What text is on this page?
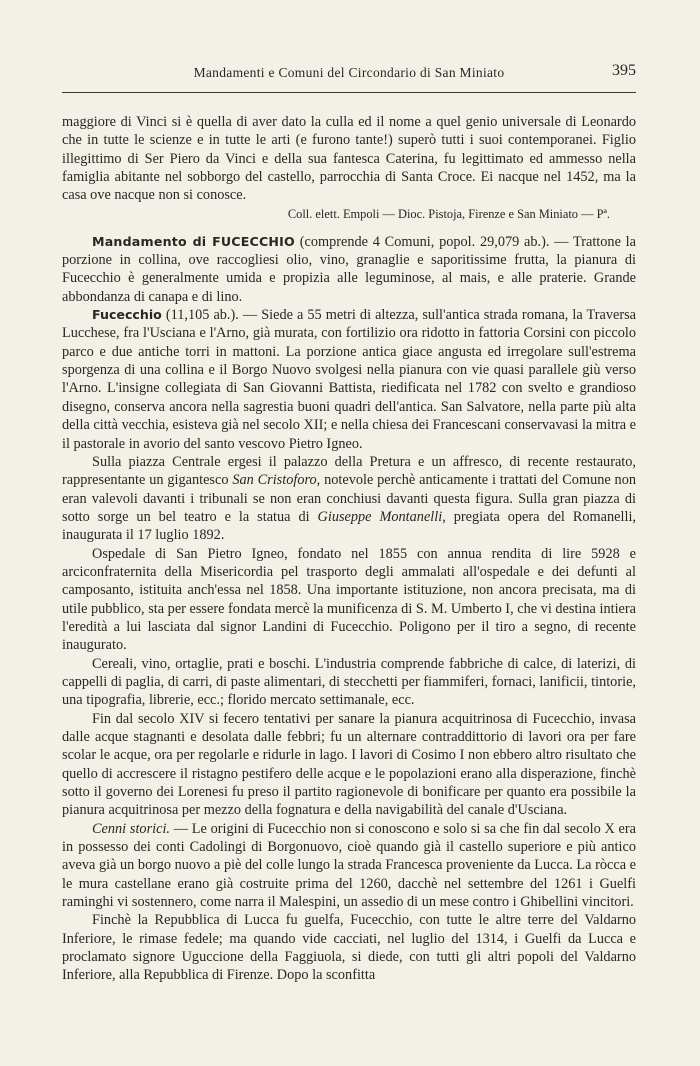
Mandamenti e Comuni del Circondario di San Miniato	395

maggiore di Vinci si è quella di aver dato la culla ed il nome a quel genio universale di Leonardo che in tutte le scienze e in tutte le arti (e furono tante!) superò tutti i suoi contemporanei. Figlio illegittimo di Ser Piero da Vinci e della sua fantesca Caterina, fu legittimato ed ammesso nella famiglia abitante nel sobborgo del castello, parrocchia di Santa Croce. Ei nacque nel 1452, ma la casa ove nacque non si conosce.

Coll. elett. Empoli — Dioc. Pistoja, Firenze e San Miniato — Pª.

Mandamento di FUCECCHIO (comprende 4 Comuni, popol. 29,079 ab.). — Trattone la porzione in collina, ove raccogliesi olio, vino, granaglie e saporitissime frutta, la pianura di Fucecchio è generalmente umida e propizia alle leguminose, al mais, e alle praterie. Grande abbondanza di canapa e di lino.

Fucecchio (11,105 ab.). — Siede a 55 metri di altezza, sull'antica strada romana, la Traversa Lucchese, fra l'Usciana e l'Arno, già murata, con fortilizio ora ridotto in fattoria Corsini con piccolo parco e due antiche torri in mattoni. La porzione antica giace angusta ed irregolare sull'estrema sporgenza di una collina e il Borgo Nuovo svolgesi nella pianura con vie quasi parallele giù verso l'Arno. L'insigne collegiata di San Giovanni Battista, riedificata nel 1782 con svelto e grandioso disegno, conserva ancora nella sagrestia buoni quadri dell'antica. San Salvatore, nella parte più alta della città vecchia, esisteva già nel secolo XII; e nella chiesa dei Francescani conservavasi la mitra e il pastorale in avorio del santo vescovo Pietro Igneo.

Sulla piazza Centrale ergesi il palazzo della Pretura e un affresco, di recente restaurato, rappresentante un gigantesco San Cristoforo, notevole perchè anticamente i trattati del Comune non eran valevoli davanti i tribunali se non eran conchiusi davanti questa figura. Sulla gran piazza di sotto sorge un bel teatro e la statua di Giuseppe Montanelli, pregiata opera del Romanelli, inaugurata il 17 luglio 1892.

Ospedale di San Pietro Igneo, fondato nel 1855 con annua rendita di lire 5928 e arciconfraternita della Misericordia pel trasporto degli ammalati all'ospedale e dei defunti al camposanto, istituita anch'essa nel 1858. Una importante istituzione, non ancora precisata, ma di utile pubblico, sta per essere fondata mercè la munificenza di S. M. Umberto I, che vi destina intiera l'eredità a lui lasciata dal signor Landini di Fucecchio. Poligono per il tiro a segno, di recente inaugurato.

Cereali, vino, ortaglie, prati e boschi. L'industria comprende fabbriche di calce, di laterizi, di cappelli di paglia, di carri, di paste alimentari, di stecchetti per fiammiferi, fornaci, lanificii, tintorie, una tipografia, librerie, ecc.; florido mercato settimanale, ecc.

Fin dal secolo XIV si fecero tentativi per sanare la pianura acquitrinosa di Fucecchio, invasa dalle acque stagnanti e desolata dalle febbri; fu un alternare contraddittorio di lavori ora per fare scolar le acque, ora per regolarle e ridurle in lago. I lavori di Cosimo I non ebbero altro risultato che quello di accrescere il ristagno pestifero delle acque e le popolazioni erano alla disperazione, finchè sotto il governo dei Lorenesi fu preso il partito ragionevole di bonificare per quanto era possibile la pianura acquitrinosa per mezzo della fognatura e della navigabilità del canale d'Usciana.

Cenni storici. — Le origini di Fucecchio non si conoscono e solo si sa che fin dal secolo X era in possesso dei conti Cadolingi di Borgonuovo, cioè quando già il castello superiore e più antico aveva già un borgo nuovo a piè del colle lungo la strada Francesca proveniente da Lucca. La ròcca e le mura castellane erano già costruite prima del 1260, dacchè nel settembre del 1261 i Guelfi raminghi vi sostennero, come narra il Malespini, un assedio di un mese contro i Ghibellini vincitori.

Finchè la Repubblica di Lucca fu guelfa, Fucecchio, con tutte le altre terre del Valdarno Inferiore, le rimase fedele; ma quando vide cacciati, nel luglio del 1314, i Guelfi da Lucca e proclamato signore Uguccione della Faggiuola, si diede, con tutti gli altri popoli del Valdarno Inferiore, alla Repubblica di Firenze. Dopo la sconfitta
